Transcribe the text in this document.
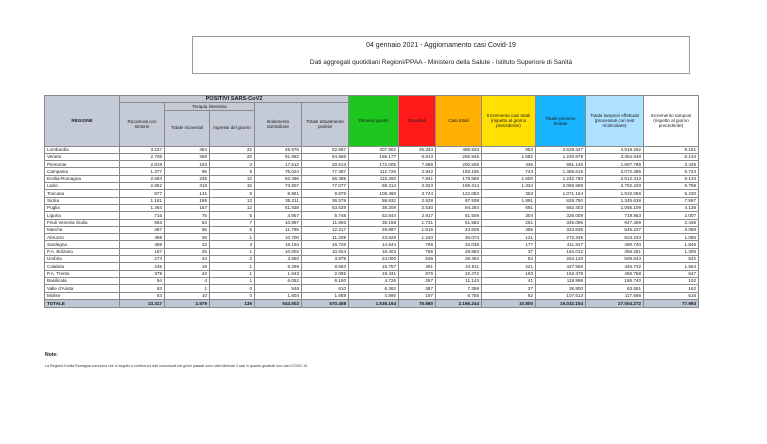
04 gennaio 2021 - Aggiornamento casi Covid-19
Dati aggregati quotidiani Regioni/PPAA - Ministero della Salute - Istituto Superiore di Sanità
REGIONE	POSITIVI SARS-CoV2					Dimessi guariti	Deceduti	Casi totali	Incremento casi totali (rispetto al giorno precedente)	Totale persone testate	Totale tamponi effettuati (processati con test molecolare)	Incremento tamponi (rispetto al giorno precedente)
	Ricoverati con sintomi	Terapia intensiva		Isolamento domiciliare	Totale attualmente positivi							
		Totale ricoverati	Ingressi del giorno									
Lombardia	3.227	484	22	48.976	52.687	407.902	25.344	485.933	863	2.629.427	4.918.262	8.161
Veneto	2.706	368	20	91.882	94.956	165.177	6.813	266.946	1.682	1.220.879	3.354.648	8.134
Piemonte	2.819	183	3	17.512	20.513	172.005	7.988	200.506	446	991.145	1.607.788	3.435
Campania	1.377	96	6	76.024	77.497	112.726	2.942	193.165	743	1.385.616	2.072.385	6.743
Emilia-Romagna	2.694	235	12	53.466	56.385	115.260	7.941	179.586	1.600	1.242.760	2.612.313	9.133
Lazio	2.852	318	15	73.907	77.077	88.314	3.823	169.214	1.334	2.066.588	2.752.420	9.759
Toscana	877	141	8	8.961	9.979	108.360	3.744	122.083	353	1.071.154	1.910.056	5.230
Sicilia	1.181	186	13	35.211	36.578	58.832	2.528	97.938	1.891	828.750	1.345.638	7.597
Puglia	1.464	157	12	51.938	53.539	38.209	2.530	94.284	691	662.403	1.065.109	4.138
Liguria	716	75	5	4.957	5.748	52.844	2.917	61.509	304	326.009	719.953	2.007
Friuli Venezia Giulia	663	63	7	10.967	11.693	38.158	1.731	51.582	281	345.095	947.459	2.438
Marche	487	65	5	11.765	12.317	29.897	1.615	43.829	355	323.639	545.237	3.088
Abruzzo	498	39	1	10.700	11.209	23.629	1.240	36.074	121	272.349	523.233	1.065
Sardegna	489	43	3	16.194	16.726	14.544	768	32.038	177	411.817	490.740	1.846
P.A. Bolzano	197	25	1	10.602	10.824	18.403	756	29.983	37	164.012	356.281	1.305
Umbria	274	44	2	3.560	3.878	24.000	636	28.494	54	254.120	509.643	542
Calabria	246	19	1	8.298	8.563	15.757	491	24.811	221	427.556	446.732	1.554
P.A. Trento	379	43	1	1.643	2.065	19.431	976	22.472	193	152.478	456.758	647
Basilicata	94	4	1	6.052	6.150	4.726	267	11.143	41	118.998	186.740	102
Valle d'Aosta	63	1	0	546	610	6.362	387	7.359	27	38.800	63.551	162
Molise	54	10	0	1.604	1.668	4.890	197	6.755	82	107.613	117.666	616
TOTALE	23.317	2.579	136	544.502	570.458	1.535.164	75.680	2.166.244	10.800	15.032.154	27.004.272	77.993
Note:
La Regione Emilia Romagna comunica che in seguito a verifica sui dati comunicati nei giorni passati sono stati eliminati 3 casi in quanto giudicati non casi COVID-19.
